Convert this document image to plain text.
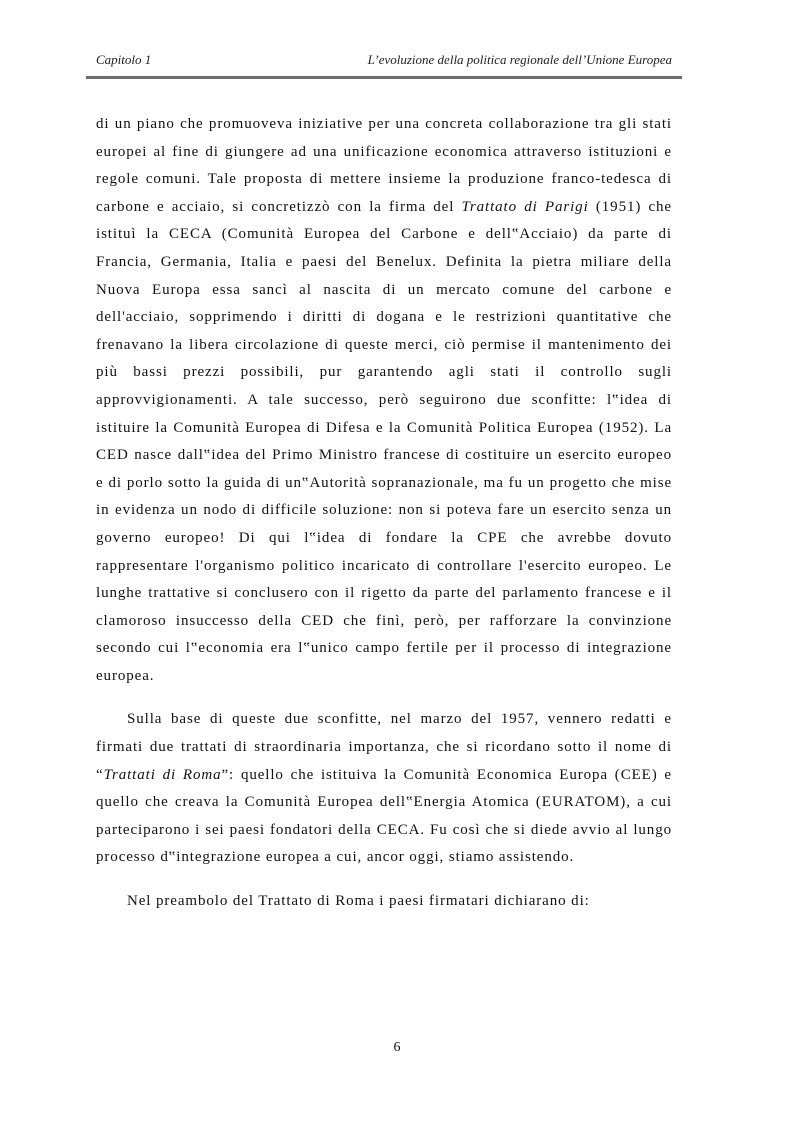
Capitolo 1	L’evoluzione della politica regionale dell’Unione Europea

di un piano che promuoveva iniziative per una concreta collaborazione tra gli stati europei al fine di giungere ad una unificazione economica attraverso istituzioni e regole comuni. Tale proposta di mettere insieme la produzione franco-tedesca di carbone e acciaio, si concretizzò con la firma del Trattato di Parigi (1951) che istituì la CECA (Comunità Europea del Carbone e dell‟Acciaio) da parte di Francia, Germania, Italia e paesi del Benelux. Definita la pietra miliare della Nuova Europa essa sancì al nascita di un mercato comune del carbone e dell'acciaio, sopprimendo i diritti di dogana e le restrizioni quantitative che frenavano la libera circolazione di queste merci, ciò permise il mantenimento dei più bassi prezzi possibili, pur garantendo agli stati il controllo sugli approvvigionamenti. A tale successo, però seguirono due sconfitte: l‟idea di istituire la Comunità Europea di Difesa e la Comunità Politica Europea (1952). La CED nasce dall‟idea del Primo Ministro francese di costituire un esercito europeo e di porlo sotto la guida di un‟Autorità sopranazionale, ma fu un progetto che mise in evidenza un nodo di difficile soluzione: non si poteva fare un esercito senza un governo europeo! Di qui l‟idea di fondare la CPE che avrebbe dovuto rappresentare l'organismo politico incaricato di controllare l'esercito europeo. Le lunghe trattative si conclusero con il rigetto da parte del parlamento francese e il clamoroso insuccesso della CED che finì, però, per rafforzare la convinzione secondo cui l‟economia era l‟unico campo fertile per il processo di integrazione europea.

Sulla base di queste due sconfitte, nel marzo del 1957, vennero redatti e firmati due trattati di straordinaria importanza, che si ricordano sotto il nome di “Trattati di Roma”: quello che istituiva la Comunità Economica Europa (CEE) e quello che creava la Comunità Europea dell‟Energia Atomica (EURATOM), a cui parteciparono i sei paesi fondatori della CECA. Fu così che si diede avvio al lungo processo d‟integrazione europea a cui, ancor oggi, stiamo assistendo.

Nel preambolo del Trattato di Roma i paesi firmatari dichiarano di:

6
